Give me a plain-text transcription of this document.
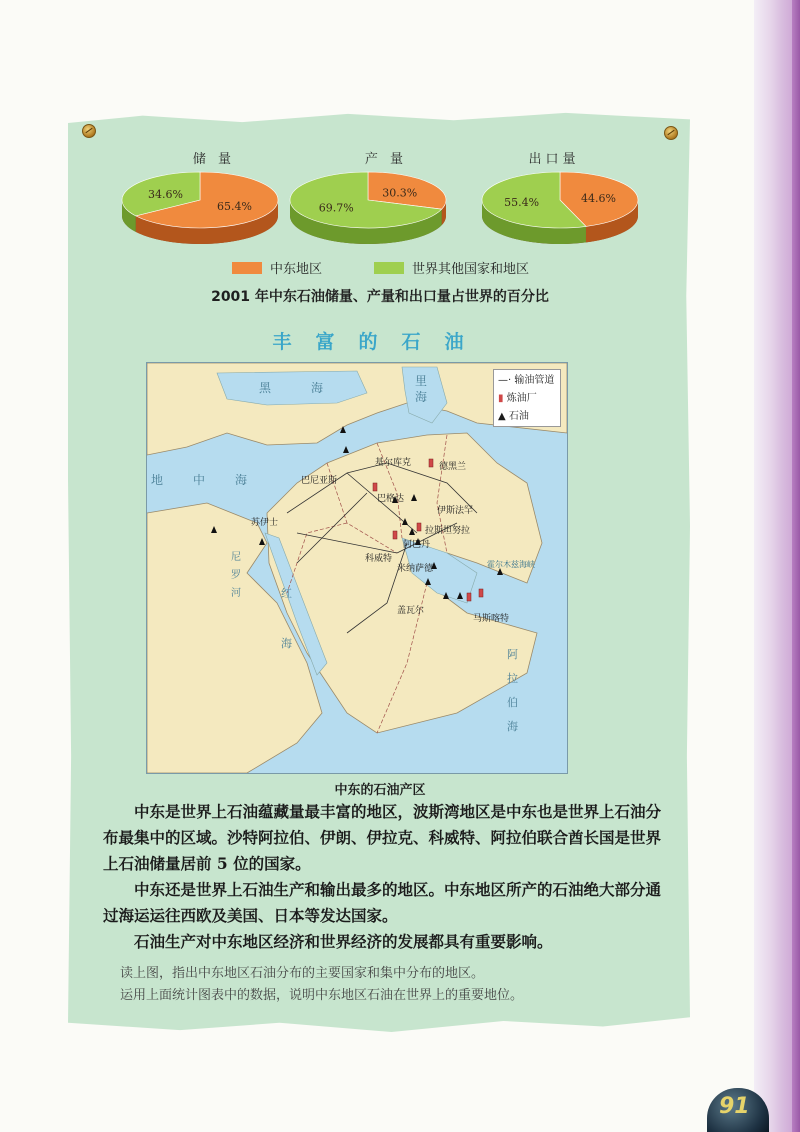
储 量	产 量	出口量
65.4%
34.6%	30.3%
69.7%
44.6%
55.4%
中东地区	世界其他国家和地区
2001 年中东石油储量、产量和出口量占世界的百分比
丰富的石油
—· 输油管道
▮ 炼油厂
▲ 石油
黑海	里
海
地中海
红
海
阿
拉
伯
海
尼
罗
河
基尔库克
巴尼亚斯
巴格达
德黑兰
伊斯法罕
阿巴丹
科威特
米纳萨德
拉斯坦努拉
盖瓦尔
马斯喀特
霍尔木兹海峡
苏伊士
中东的石油产区
中东是世界上石油蕴藏量最丰富的地区，波斯湾地区是中东也是世界上石油分布最集中的区域。沙特阿拉伯、伊朗、伊拉克、科威特、阿拉伯联合酋长国是世界上石油储量居前 5 位的国家。
中东还是世界上石油生产和输出最多的地区。中东地区所产的石油绝大部分通过海运运往西欧及美国、日本等发达国家。
石油生产对中东地区经济和世界经济的发展都具有重要影响。
读上图，指出中东地区石油分布的主要国家和集中分布的地区。
运用上面统计图表中的数据，说明中东地区石油在世界上的重要地位。
91
